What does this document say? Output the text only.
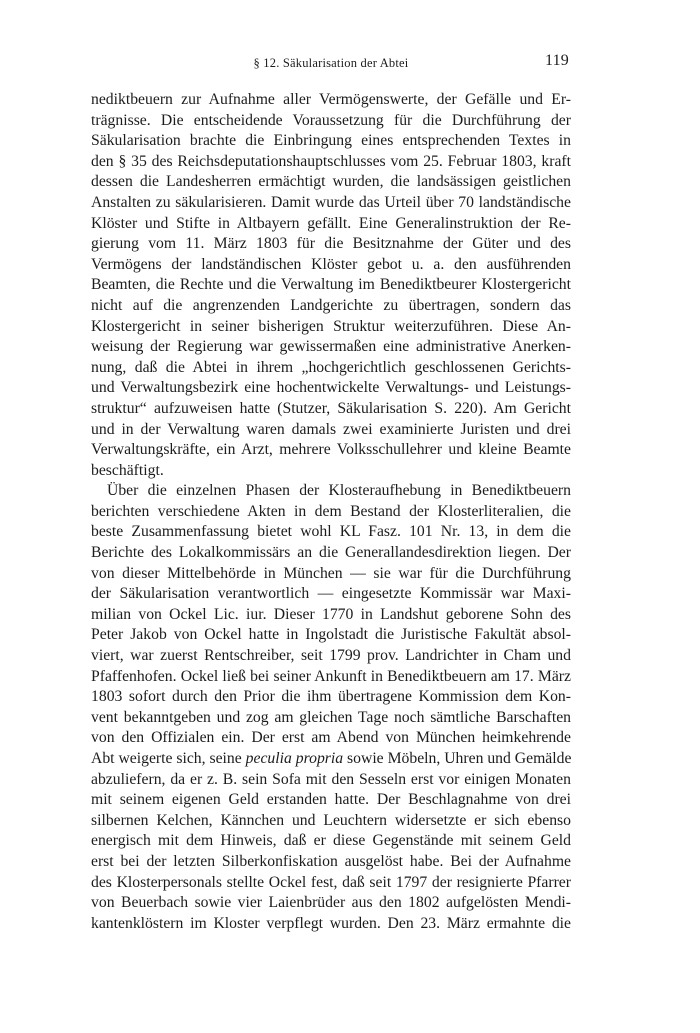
§ 12. Säkularisation der Abtei	119
nediktbeuern zur Aufnahme aller Vermögenswerte, der Gefälle und Er-
trägnisse. Die entscheidende Voraussetzung für die Durchführung der
Säkularisation brachte die Einbringung eines entsprechenden Textes in
den § 35 des Reichsdeputationshauptschlusses vom 25. Februar 1803, kraft
dessen die Landesherren ermächtigt wurden, die landsässigen geistlichen
Anstalten zu säkularisieren. Damit wurde das Urteil über 70 landständische
Klöster und Stifte in Altbayern gefällt. Eine Generalinstruktion der Re-
gierung vom 11. März 1803 für die Besitznahme der Güter und des
Vermögens der landständischen Klöster gebot u. a. den ausführenden
Beamten, die Rechte und die Verwaltung im Benediktbeurer Klostergericht
nicht auf die angrenzenden Landgerichte zu übertragen, sondern das
Klostergericht in seiner bisherigen Struktur weiterzuführen. Diese An-
weisung der Regierung war gewissermaßen eine administrative Anerken-
nung, daß die Abtei in ihrem „hochgerichtlich geschlossenen Gerichts-
und Verwaltungsbezirk eine hochentwickelte Verwaltungs- und Leistungs-
struktur“ aufzuweisen hatte (Stutzer, Säkularisation S. 220). Am Gericht
und in der Verwaltung waren damals zwei examinierte Juristen und drei
Verwaltungskräfte, ein Arzt, mehrere Volksschullehrer und kleine Beamte
beschäftigt.
Über die einzelnen Phasen der Klosteraufhebung in Benediktbeuern
berichten verschiedene Akten in dem Bestand der Klosterliteralien, die
beste Zusammenfassung bietet wohl KL Fasz. 101 Nr. 13, in dem die
Berichte des Lokalkommissärs an die Generallandesdirektion liegen. Der
von dieser Mittelbehörde in München — sie war für die Durchführung
der Säkularisation verantwortlich — eingesetzte Kommissär war Maxi-
milian von Ockel Lic. iur. Dieser 1770 in Landshut geborene Sohn des
Peter Jakob von Ockel hatte in Ingolstadt die Juristische Fakultät absol-
viert, war zuerst Rentschreiber, seit 1799 prov. Landrichter in Cham und
Pfaffenhofen. Ockel ließ bei seiner Ankunft in Benediktbeuern am 17. März
1803 sofort durch den Prior die ihm übertragene Kommission dem Kon-
vent bekanntgeben und zog am gleichen Tage noch sämtliche Barschaften
von den Offizialen ein. Der erst am Abend von München heimkehrende
Abt weigerte sich, seine peculia propria sowie Möbeln, Uhren und Gemälde
abzuliefern, da er z. B. sein Sofa mit den Sesseln erst vor einigen Monaten
mit seinem eigenen Geld erstanden hatte. Der Beschlagnahme von drei
silbernen Kelchen, Kännchen und Leuchtern widersetzte er sich ebenso
energisch mit dem Hinweis, daß er diese Gegenstände mit seinem Geld
erst bei der letzten Silberkonfiskation ausgelöst habe. Bei der Aufnahme
des Klosterpersonals stellte Ockel fest, daß seit 1797 der resignierte Pfarrer
von Beuerbach sowie vier Laienbrüder aus den 1802 aufgelösten Mendi-
kantenklöstern im Kloster verpflegt wurden. Den 23. März ermahnte die
